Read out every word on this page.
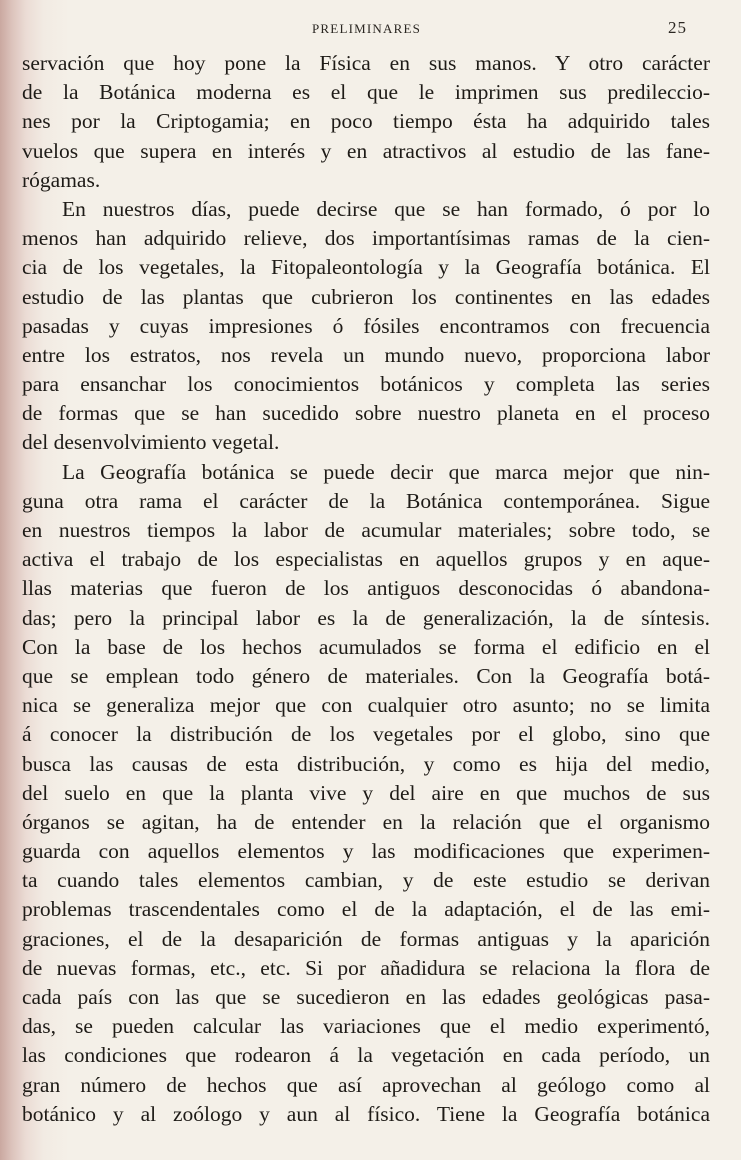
PRELIMINARES	25
servación que hoy pone la Física en sus manos. Y otro carácter
de la Botánica moderna es el que le imprimen sus predileccio-
nes por la Criptogamia; en poco tiempo ésta ha adquirido tales
vuelos que supera en interés y en atractivos al estudio de las fane-
rógamas.
En nuestros días, puede decirse que se han formado, ó por lo
menos han adquirido relieve, dos importantísimas ramas de la cien-
cia de los vegetales, la Fitopaleontología y la Geografía botánica. El
estudio de las plantas que cubrieron los continentes en las edades
pasadas y cuyas impresiones ó fósiles encontramos con frecuencia
entre los estratos, nos revela un mundo nuevo, proporciona labor
para ensanchar los conocimientos botánicos y completa las series
de formas que se han sucedido sobre nuestro planeta en el proceso
del desenvolvimiento vegetal.
La Geografía botánica se puede decir que marca mejor que nin-
guna otra rama el carácter de la Botánica contemporánea. Sigue
en nuestros tiempos la labor de acumular materiales; sobre todo, se
activa el trabajo de los especialistas en aquellos grupos y en aque-
llas materias que fueron de los antiguos desconocidas ó abandona-
das; pero la principal labor es la de generalización, la de síntesis.
Con la base de los hechos acumulados se forma el edificio en el
que se emplean todo género de materiales. Con la Geografía botá-
nica se generaliza mejor que con cualquier otro asunto; no se limita
á conocer la distribución de los vegetales por el globo, sino que
busca las causas de esta distribución, y como es hija del medio,
del suelo en que la planta vive y del aire en que muchos de sus
órganos se agitan, ha de entender en la relación que el organismo
guarda con aquellos elementos y las modificaciones que experimen-
ta cuando tales elementos cambian, y de este estudio se derivan
problemas trascendentales como el de la adaptación, el de las emi-
graciones, el de la desaparición de formas antiguas y la aparición
de nuevas formas, etc., etc. Si por añadidura se relaciona la flora de
cada país con las que se sucedieron en las edades geológicas pasa-
das, se pueden calcular las variaciones que el medio experimentó,
las condiciones que rodearon á la vegetación en cada período, un
gran número de hechos que así aprovechan al geólogo como al
botánico y al zoólogo y aun al físico. Tiene la Geografía botánica
